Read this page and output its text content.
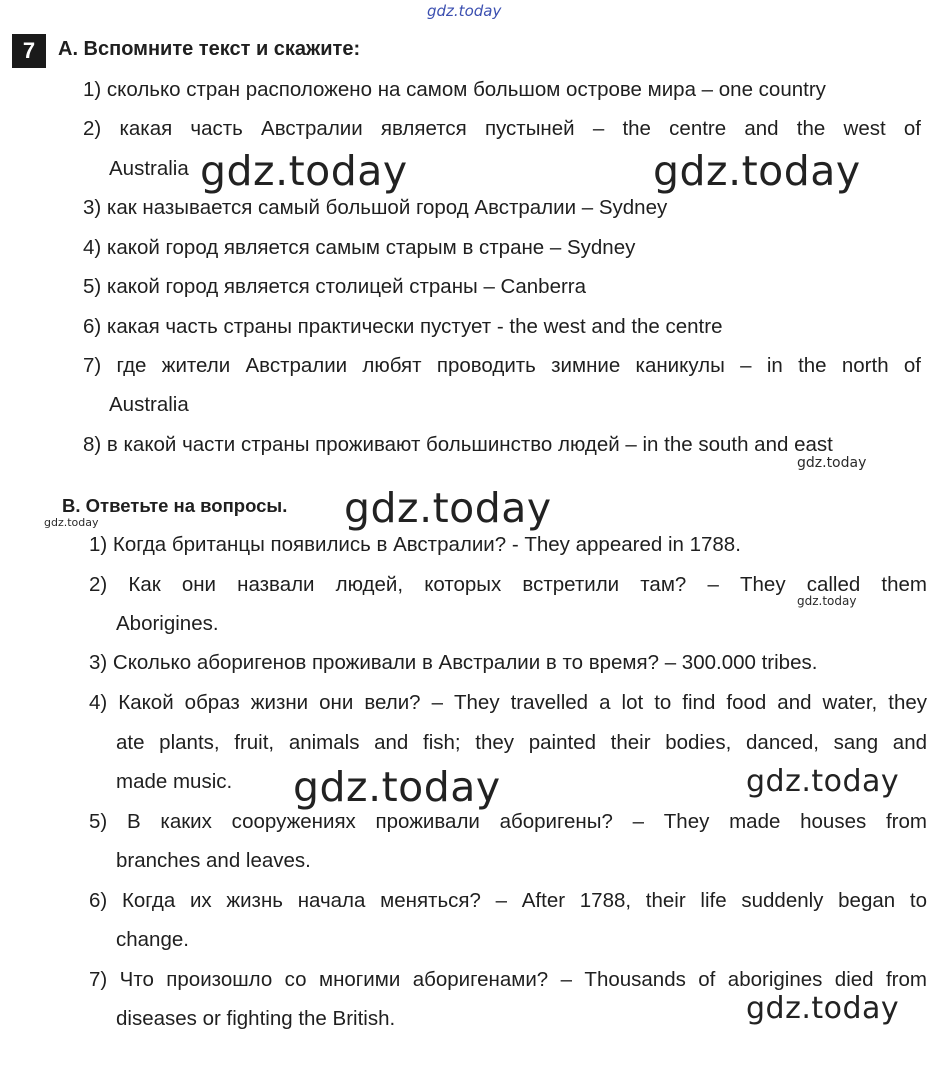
gdz.today
7	А. Вспомните текст и скажите:
1) сколько стран расположено на самом большом острове мира – one country
2) какая часть Австралии является пустыней – the centre and the west of
Australia
3) как называется самый большой город Австралии – Sydney
4) какой город является самым старым в стране – Sydney
5) какой город является столицей страны – Canberra
6) какая часть страны практически пустует - the west and the centre
7) где жители Австралии любят проводить зимние каникулы – in the north of
Australia
8) в какой части страны проживают большинство людей – in the south and east
В. Ответьте на вопросы.
1) Когда британцы появились в Австралии? - They appeared in 1788.
2) Как они назвали людей, которых встретили там? – They called them
Aborigines.
3) Сколько аборигенов проживали в Австралии в то время? – 300.000 tribes.
4) Какой образ жизни они вели? – They travelled a lot to find food and water, they
ate plants, fruit, animals and fish; they painted their bodies, danced, sang and
made music.
5) В каких сооружениях проживали аборигены? – They made houses from
branches and leaves.
6) Когда их жизнь начала меняться? – After 1788, their life suddenly began to
change.
7) Что произошло со многими аборигенами? – Thousands of aborigines died from
diseases or fighting the British.
gdz.today	gdz.today
gdz.today
gdz.today
gdz.today
gdz.today
gdz.today	gdz.today
gdz.today
